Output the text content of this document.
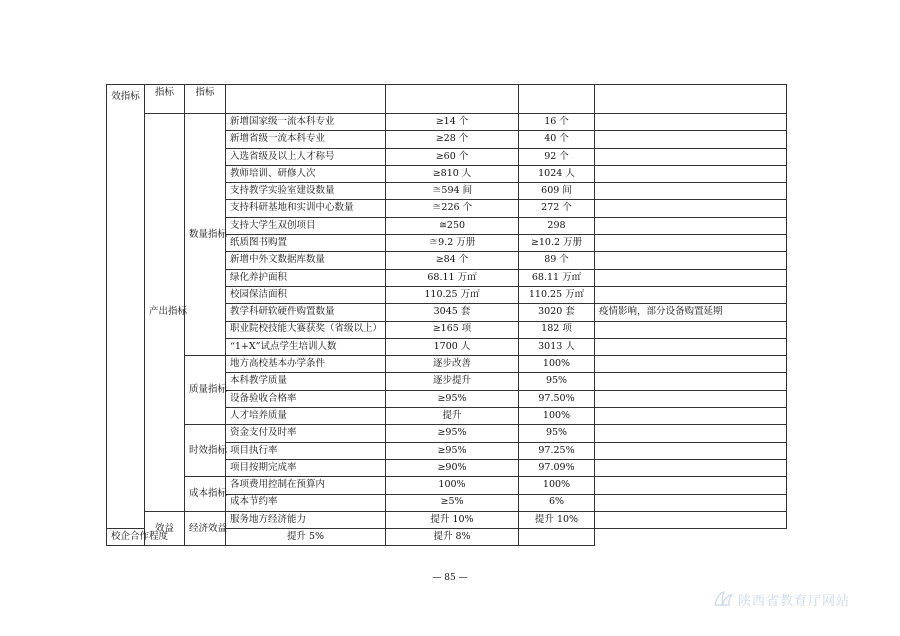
效指标	指标	指标				
	产出指标	数量指标	新增国家级一流本科专业	≥14 个	16 个	
			新增省级一流本科专业	≥28 个	40 个	
			入选省级及以上人才称号	≥60 个	92 个	
			教师培训、研修人次	≥810 人	1024 人	
			支持教学实验室建设数量	≅594 间	609 间	
			支持科研基地和实训中心数量	≅226 个	272 个	
			支持大学生双创项目	≅250	298	
			纸质图书购置	≅9.2 万册	≥10.2 万册	
			新增中外文数据库数量	≥84 个	89 个	
			绿化养护面积	68.11 万㎡	68.11 万㎡	
			校园保洁面积	110.25 万㎡	110.25 万㎡	
			教学科研软硬件购置数量	3045 套	3020 套	疫情影响，部分设备购置延期
			职业院校技能大赛获奖（省级以上）	≥165 项	182 项	
			“1+X”试点学生培训人数	1700 人	3013 人	
		质量指标	地方高校基本办学条件	逐步改善	100%	
			本科教学质量	逐步提升	95%	
			设备验收合格率	≥95%	97.50%	
			人才培养质量	提升	100%	
		时效指标	资金支付及时率	≥95%	95%	
			项目执行率	≥95%	97.25%	
			项目按期完成率	≥90%	97.09%	
		成本指标	各项费用控制在预算内	100%	100%	
			成本节约率	≥5%	6%	
	效益	经济效益	服务地方经济能力	提升 10%	提升 10%	
校企合作程度			提升 5%	提升 8%		
— 85 —
陕西省教育厅网站
